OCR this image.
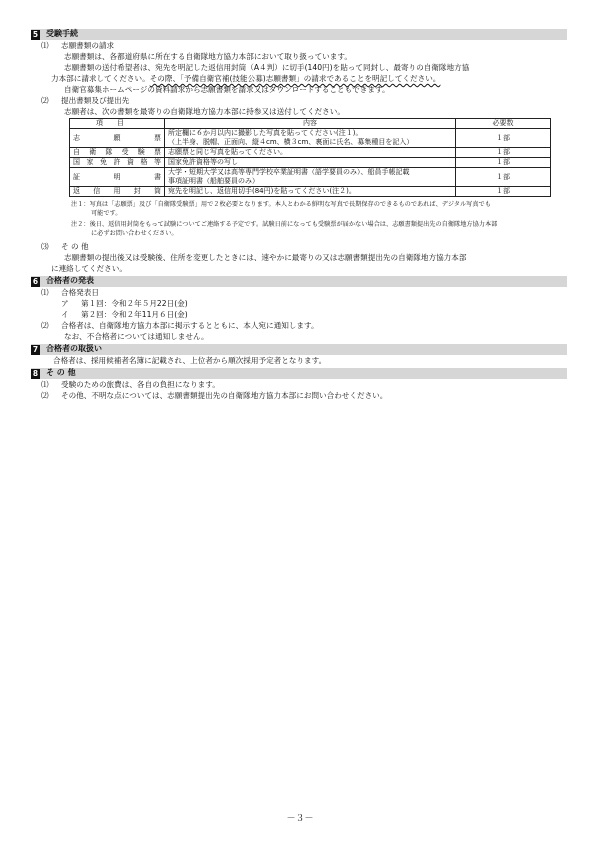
5 受験手続
⑴ 志願書類の請求
志願書類は、各都道府県に所在する自衛隊地方協力本部において取り扱っています。
志願書類の送付希望者は、宛先を明記した返信用封筒（A４判）に切手(140円)を貼って同封し、最寄りの自衛隊地方協
力本部に請求してください。その際、「予備自衛官補(技能公募)志願書類」の請求であることを明記してください。
自衛官募集ホームページの資料請求から志願書類を請求又はダウンロードすることもできます。
⑵ 提出書類及び提出先
志願者は、次の書類を最寄りの自衛隊地方協力本部に持参又は送付してください。
項目	内容	必要数
志願票	所定欄に６か月以内に撮影した写真を貼ってください(注１)。
（上半身、脱帽、正面向、縦４cm、横３cm、裏面に氏名、募集種目を記入）	１部
自衛隊受験票	志願票と同じ写真を貼ってください。	１部
国家免許資格等	国家免許資格等の写し	１部
証明書	大学・短期大学又は高等専門学校卒業証明書（語学要員のみ）、船員手帳記載
事項証明書（船舶要員のみ）	１部
返信用封筒	宛先を明記し、返信用切手(84円)を貼ってください(注２)。	１部
注１：写真は「志願票」及び「自衛隊受験票」用で２枚必要となります。本人とわかる鮮明な写真で長期保存のできるものであれば、デジタル写真でも
可能です。
注２：後日、返信用封筒をもって試験についてご連絡する予定です。試験日前になっても受験票が届かない場合は、志願書類提出先の自衛隊地方協力本部
に必ずお問い合わせください。
⑶ そ の 他
志願書類の提出後又は受験後、住所を変更したときには、速やかに最寄りの又は志願書類提出先の自衛隊地方協力本部
に連絡してください。
6 合格者の発表
⑴ 合格発表日
ア 第１回：令和２年５月22日(金)
イ 第２回：令和２年11月６日(金)
⑵ 合格者は、自衛隊地方協力本部に掲示するとともに、本人宛に通知します。
なお、不合格者については通知しません。
7 合格者の取扱い
合格者は、採用候補者名簿に記載され、上位者から順次採用予定者となります。
8 そ の 他
⑴ 受験のための旅費は、各自の負担になります。
⑵ その他、不明な点については、志願書類提出先の自衛隊地方協力本部にお問い合わせください。
－３－
